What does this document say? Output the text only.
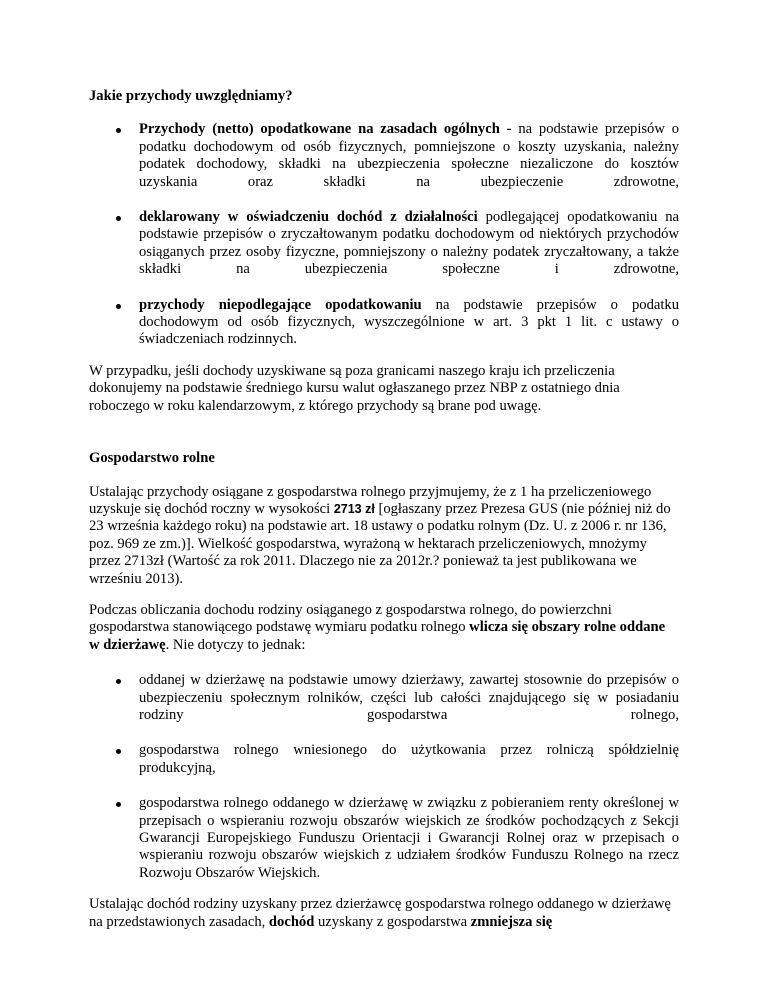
Jakie przychody uwzględniamy?

Przychody (netto) opodatkowane na zasadach ogólnych - na podstawie przepisów o podatku dochodowym od osób fizycznych, pomniejszone o koszty uzyskania, należny podatek dochodowy, składki na ubezpieczenia społeczne niezaliczone do kosztów uzyskania oraz składki na ubezpieczenie zdrowotne,
deklarowany w oświadczeniu dochód z działalności podlegającej opodatkowaniu na podstawie przepisów o zryczałtowanym podatku dochodowym od niektórych przychodów osiąganych przez osoby fizyczne, pomniejszony o należny podatek zryczałtowany, a także składki na ubezpieczenia społeczne i zdrowotne,
przychody niepodlegające opodatkowaniu na podstawie przepisów o podatku dochodowym od osób fizycznych, wyszczególnione w art. 3 pkt 1 lit. c ustawy o świadczeniach rodzinnych.

W przypadku, jeśli dochody uzyskiwane są poza granicami naszego kraju ich przeliczenia dokonujemy na podstawie średniego kursu walut ogłaszanego przez NBP z ostatniego dnia roboczego w roku kalendarzowym, z którego przychody są brane pod uwagę.

Gospodarstwo rolne

Ustalając przychody osiągane z gospodarstwa rolnego przyjmujemy, że z 1 ha przeliczeniowego uzyskuje się dochód roczny w wysokości 2713 zł [ogłaszany przez Prezesa GUS (nie później niż do 23 września każdego roku) na podstawie art. 18 ustawy o podatku rolnym (Dz. U. z 2006 r. nr 136, poz. 969 ze zm.)]. Wielkość gospodarstwa, wyrażoną w hektarach przeliczeniowych, mnożymy przez 2713zł (Wartość za rok 2011. Dlaczego nie za 2012r.? ponieważ ta jest publikowana we wrześniu 2013).

Podczas obliczania dochodu rodziny osiąganego z gospodarstwa rolnego, do powierzchni gospodarstwa stanowiącego podstawę wymiaru podatku rolnego wlicza się obszary rolne oddane w dzierżawę. Nie dotyczy to jednak:

oddanej w dzierżawę na podstawie umowy dzierżawy, zawartej stosownie do przepisów o ubezpieczeniu społecznym rolników, części lub całości znajdującego się w posiadaniu rodziny gospodarstwa rolnego,
gospodarstwa rolnego wniesionego do użytkowania przez rolniczą spółdzielnię produkcyjną,
gospodarstwa rolnego oddanego w dzierżawę w związku z pobieraniem renty określonej w przepisach o wspieraniu rozwoju obszarów wiejskich ze środków pochodzących z Sekcji Gwarancji Europejskiego Funduszu Orientacji i Gwarancji Rolnej oraz w przepisach o wspieraniu rozwoju obszarów wiejskich z udziałem środków Funduszu Rolnego na rzecz Rozwoju Obszarów Wiejskich.

Ustalając dochód rodziny uzyskany przez dzierżawcę gospodarstwa rolnego oddanego w dzierżawę na przedstawionych zasadach, dochód uzyskany z gospodarstwa zmniejsza się
